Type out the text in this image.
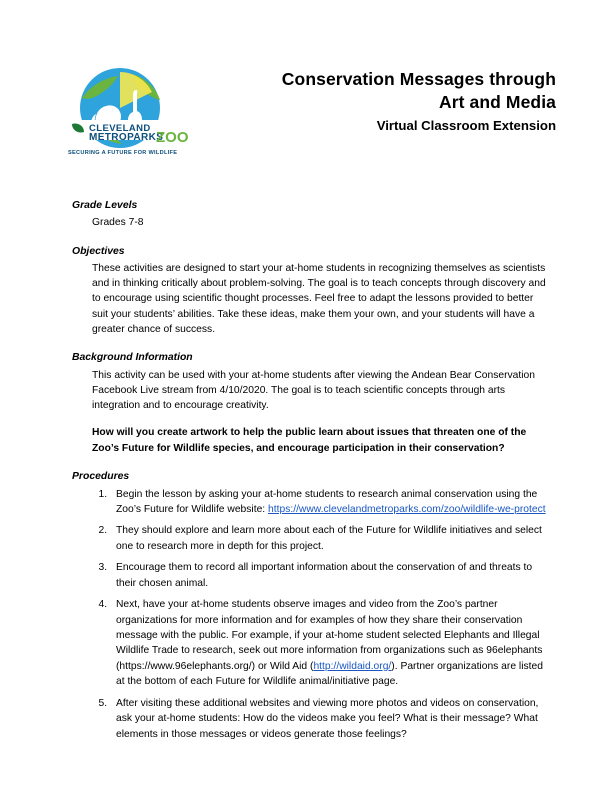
CLEVELAND
METROPARKS
ZOO
SECURING A FUTURE FOR WILDLIFE
Conservation Messages through
Art and Media
Virtual Classroom Extension
Grade Levels

Grades 7-8

Objectives

These activities are designed to start your at-home students in recognizing themselves as scientists and in thinking critically about problem-solving. The goal is to teach concepts through discovery and to encourage using scientific thought processes. Feel free to adapt the lessons provided to better suit your students’ abilities. Take these ideas, make them your own, and your students will have a greater chance of success.

Background Information

This activity can be used with your at-home students after viewing the Andean Bear Conservation Facebook Live stream from 4/10/2020. The goal is to teach scientific concepts through arts integration and to encourage creativity.

How will you create artwork to help the public learn about issues that threaten one of the Zoo’s Future for Wildlife species, and encourage participation in their conservation?
Procedures
1. Begin the lesson by asking your at-home students to research animal conservation using the Zoo’s Future for Wildlife website: https://www.clevelandmetroparks.com/zoo/wildlife-we-protect
2. They should explore and learn more about each of the Future for Wildlife initiatives and select one to research more in depth for this project.
3. Encourage them to record all important information about the conservation of and threats to their chosen animal.
4. Next, have your at-home students observe images and video from the Zoo’s partner organizations for more information and for examples of how they share their conservation message with the public. For example, if your at-home student selected Elephants and Illegal Wildlife Trade to research, seek out more information from organizations such as 96elephants (https://www.96elephants.org/) or Wild Aid (http://wildaid.org/). Partner organizations are listed at the bottom of each Future for Wildlife animal/initiative page.
5. After visiting these additional websites and viewing more photos and videos on conservation, ask your at-home students: How do the videos make you feel? What is their message? What elements in those messages or videos generate those feelings?
